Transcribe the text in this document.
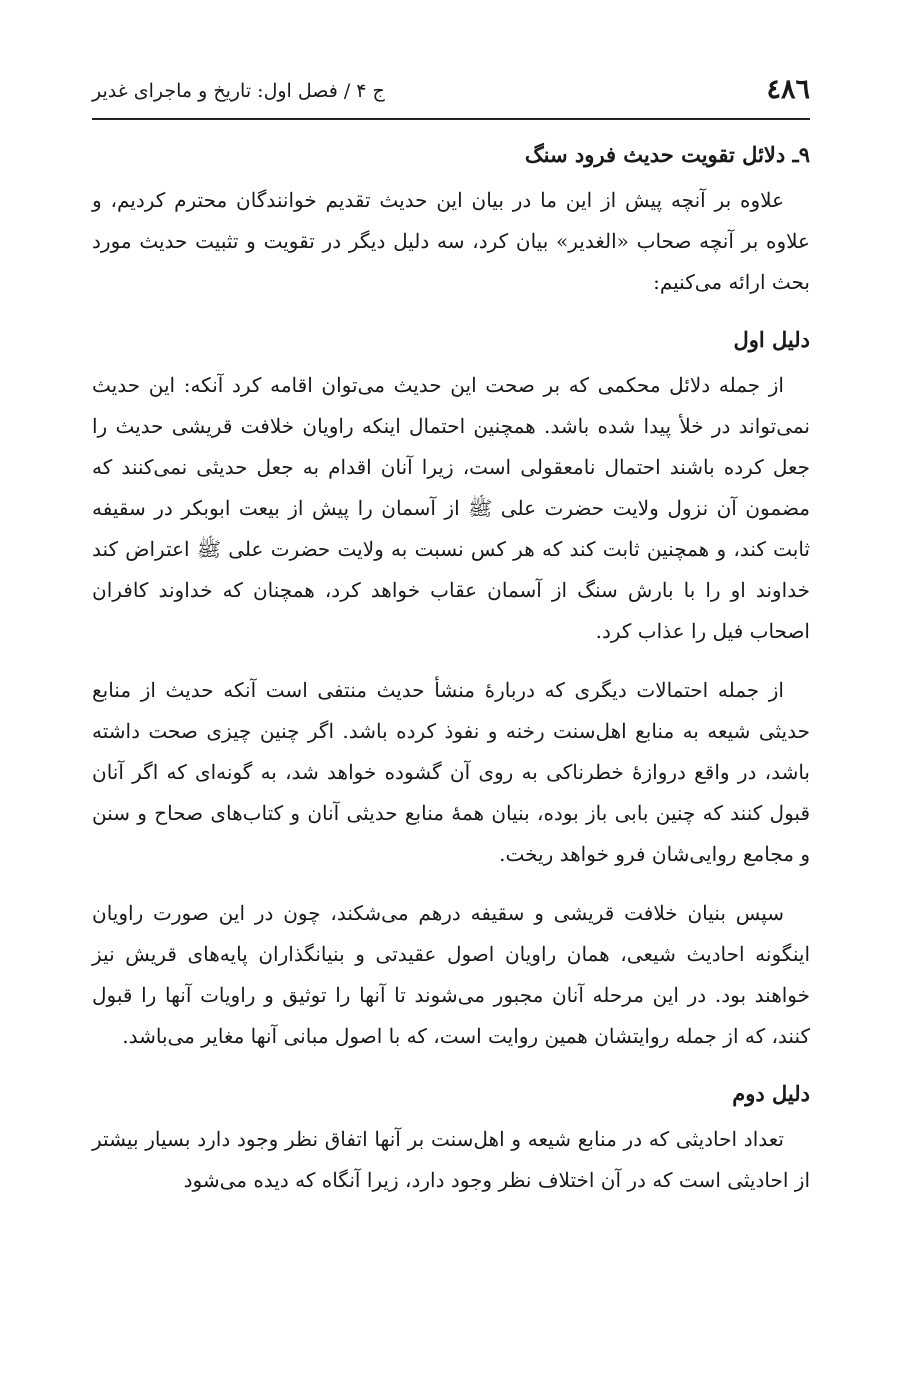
٤٨٦
ج ۴ / فصل اول: تاریخ و ماجرای غدیر
۹ـ دلائل تقویت حدیث فرود سنگ

علاوه بر آنچه پیش از این ما در بیان این حدیث تقدیم خوانندگان محترم کردیم، و علاوه بر آنچه صحاب «الغدیر» بیان کرد، سه دلیل دیگر در تقویت و تثبیت حدیث مورد بحث ارائه می‌کنیم:

دلیل اول

از جمله دلائل محکمی که بر صحت این حدیث می‌توان اقامه کرد آنکه: این حدیث نمی‌تواند در خلأ پیدا شده باشد. همچنین احتمال اینکه راویان خلافت قریشی حدیث را جعل کرده باشند احتمال نامعقولی است، زیرا آنان اقدام به جعل حدیثی نمی‌کنند که مضمون آن نزول ولایت حضرت علی ﷺ از آسمان را پیش از بیعت ابوبکر در سقیفه ثابت کند، و همچنین ثابت کند که هر کس نسبت به ولایت حضرت علی ﷺ اعتراض کند خداوند او را با بارش سنگ از آسمان عقاب خواهد کرد، همچنان که خداوند کافران اصحاب فیل را عذاب کرد.

از جمله احتمالات دیگری که دربارهٔ منشأ حدیث منتفی است آنکه حدیث از منابع حدیثی شیعه به منابع اهل‌سنت رخنه و نفوذ کرده باشد. اگر چنین چیزی صحت داشته باشد، در واقع دروازهٔ خطرناکی به روی آن گشوده خواهد شد، به گونه‌ای که اگر آنان قبول کنند که چنین بابی باز بوده، بنیان همهٔ منابع حدیثی آنان و کتاب‌های صحاح و سنن و مجامع روایی‌شان فرو خواهد ریخت.

سپس بنیان خلافت قریشی و سقیفه درهم می‌شکند، چون در این صورت راویان اینگونه احادیث شیعی، همان راویان اصول عقیدتی و بنیانگذاران پایه‌های قریش نیز خواهند بود. در این مرحله آنان مجبور می‌شوند تا آنها را توثیق و راویات آنها را قبول کنند، که از جمله روایتشان همین روایت است، که با اصول مبانی آنها مغایر می‌باشد.

دلیل دوم

تعداد احادیثی که در منابع شیعه و اهل‌سنت بر آنها اتفاق نظر وجود دارد بسیار بیشتر از احادیثی است که در آن اختلاف نظر وجود دارد، زیرا آنگاه که دیده می‌شود
